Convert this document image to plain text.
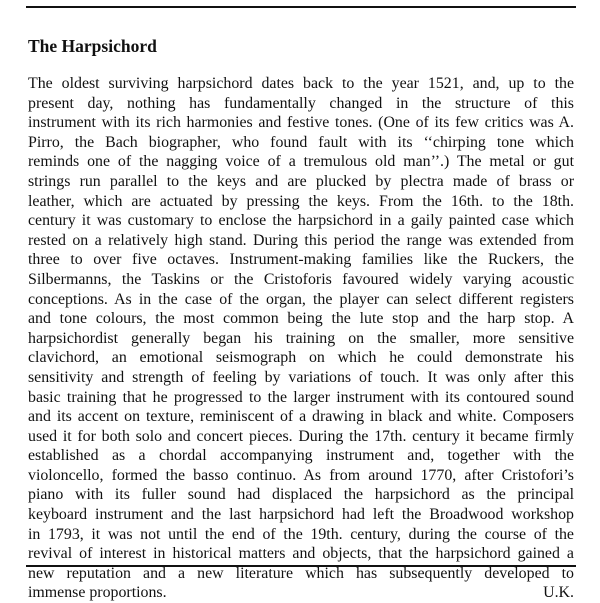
The Harpsichord
The oldest surviving harpsichord dates back to the year 1521, and, up to the
present day, nothing has fundamentally changed in the structure of this
instrument with its rich harmonies and festive tones. (One of its few critics was A.
Pirro, the Bach biographer, who found fault with its ‘‘chirping tone which
reminds one of the nagging voice of a tremulous old man’’.) The metal or gut
strings run parallel to the keys and are plucked by plectra made of brass or
leather, which are actuated by pressing the keys. From the 16th. to the 18th.
century it was customary to enclose the harpsichord in a gaily painted case which
rested on a relatively high stand. During this period the range was extended from
three to over five octaves. Instrument-making families like the Ruckers, the
Silbermanns, the Taskins or the Cristoforis favoured widely varying acoustic
conceptions. As in the case of the organ, the player can select different registers
and tone colours, the most common being the lute stop and the harp stop. A
harpsichordist generally began his training on the smaller, more sensitive
clavichord, an emotional seismograph on which he could demonstrate his
sensitivity and strength of feeling by variations of touch. It was only after this
basic training that he progressed to the larger instrument with its contoured sound
and its accent on texture, reminiscent of a drawing in black and white. Composers
used it for both solo and concert pieces. During the 17th. century it became firmly
established as a chordal accompanying instrument and, together with the
violoncello, formed the basso continuo. As from around 1770, after Cristofori’s
piano with its fuller sound had displaced the harpsichord as the principal
keyboard instrument and the last harpsichord had left the Broadwood workshop
in 1793, it was not until the end of the 19th. century, during the course of the
revival of interest in historical matters and objects, that the harpsichord gained a
new reputation and a new literature which has subsequently developed to
immense proportions.	U.K.
